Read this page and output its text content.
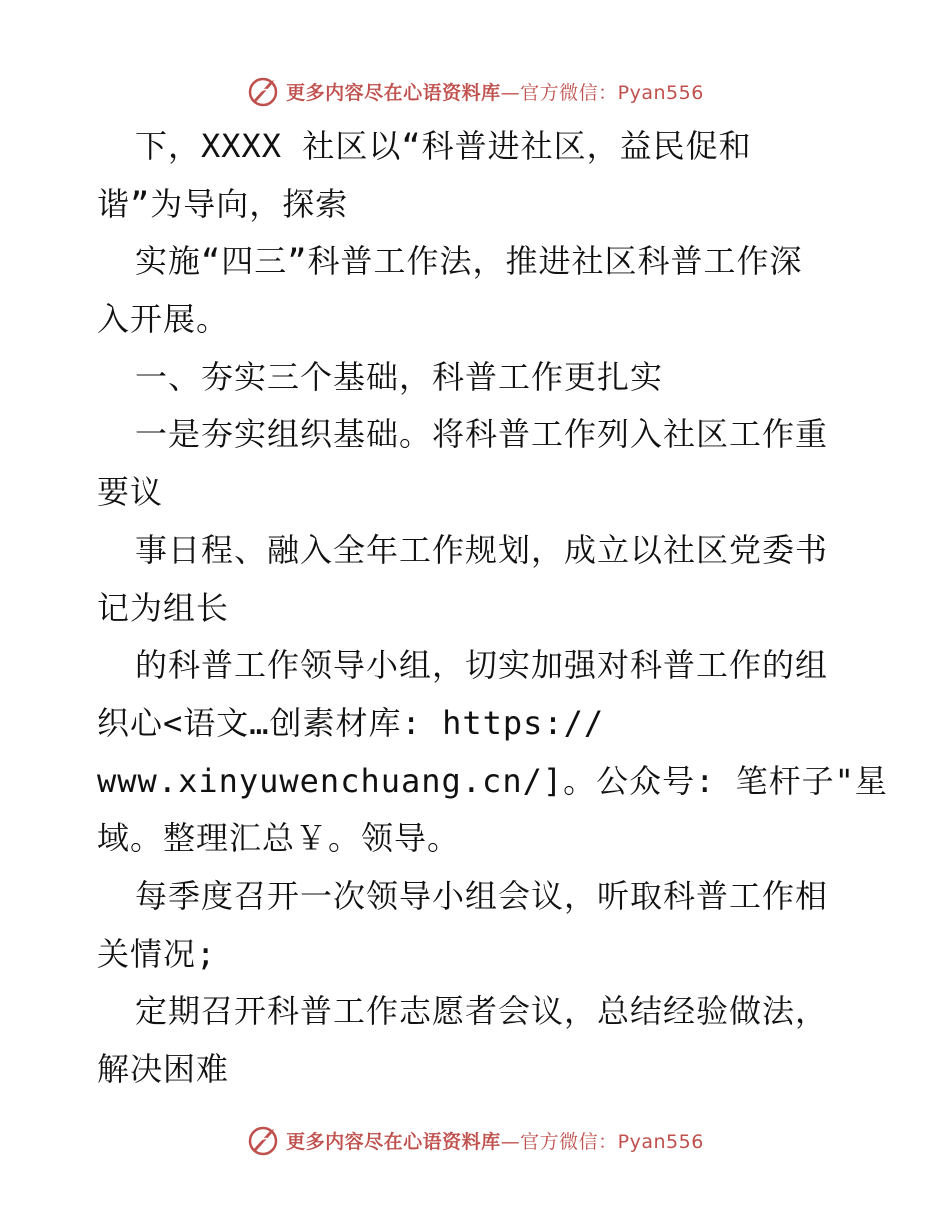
更多内容尽在心语资料库—官方微信：Pyan556
下，XXXX 社区以“科普进社区，益民促和
谐”为导向，探索
实施“四三”科普工作法，推进社区科普工作深
入开展。
一、夯实三个基础，科普工作更扎实
一是夯实组织基础。将科普工作列入社区工作重
要议
事日程、融入全年工作规划，成立以社区党委书
记为组长
的科普工作领导小组，切实加强对科普工作的组
织心<语文…创素材库: https://
www.xinyuwenchuang.cn/]。公众号: 笔杆子"星
域。整理汇总￥。领导。
每季度召开一次领导小组会议，听取科普工作相
关情况;
定期召开科普工作志愿者会议，总结经验做法，
解决困难
更多内容尽在心语资料库—官方微信：Pyan556
